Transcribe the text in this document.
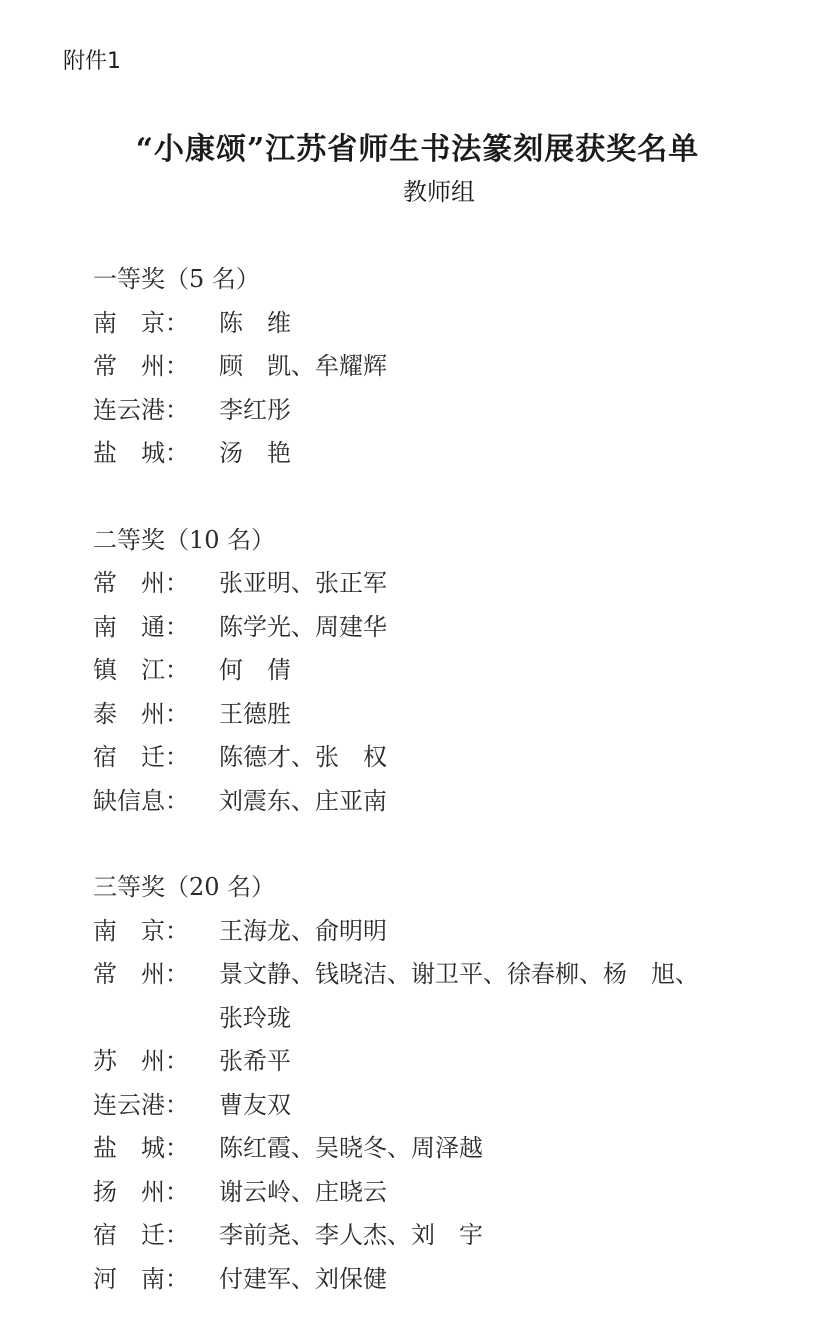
附件1
“小康颂”江苏省师生书法篆刻展获奖名单
教师组
一等奖（5 名）
南　京：	陈　维
常　州：	顾　凯、牟耀辉
连云港：	李红彤
盐　城：	汤　艳
二等奖（10 名）
常　州：	张亚明、张正军
南　通：	陈学光、周建华
镇　江：	何　倩
泰　州：	王德胜
宿　迁：	陈德才、张　权
缺信息：	刘震东、庄亚南
三等奖（20 名）
南　京：	王海龙、俞明明
常　州：	景文静、钱晓洁、谢卫平、徐春柳、杨　旭、
张玲珑
苏　州：	张希平
连云港：	曹友双
盐　城：	陈红霞、吴晓冬、周泽越
扬　州：	谢云岭、庄晓云
宿　迁：	李前尧、李人杰、刘　宇
河　南：	付建军、刘保健
